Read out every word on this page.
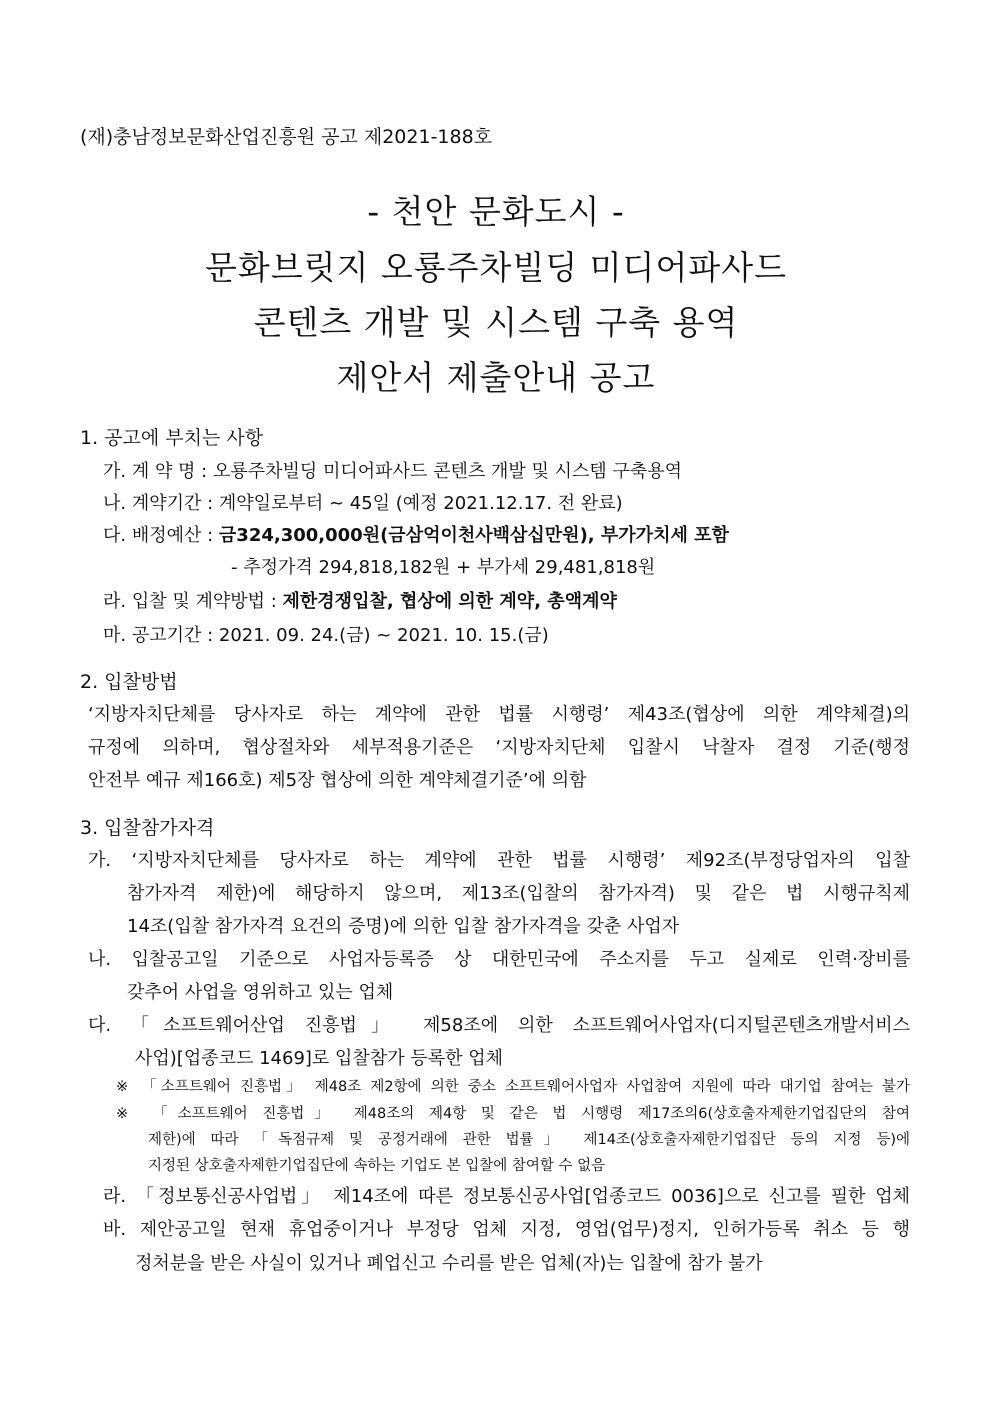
(재)충남정보문화산업진흥원 공고 제2021-188호
- 천안 문화도시 -
문화브릿지 오룡주차빌딩 미디어파사드
콘텐츠 개발 및 시스템 구축 용역
제안서 제출안내 공고
1. 공고에 부치는 사항
가. 계 약 명 : 오룡주차빌딩 미디어파사드 콘텐츠 개발 및 시스템 구축용역
나. 계약기간 : 계약일로부터 ~ 45일 (예정 2021.12.17. 전 완료)
다. 배정예산 : 금324,300,000원(금삼억이천사백삼십만원), 부가가치세 포함
- 추정가격 294,818,182원 + 부가세 29,481,818원
라. 입찰 및 계약방법 : 제한경쟁입찰, 협상에 의한 계약, 총액계약
마. 공고기간 : 2021. 09. 24.(금) ~ 2021. 10. 15.(금)
2. 입찰방법
‘지방자치단체를 당사자로 하는 계약에 관한 법률 시행령’ 제43조(협상에 의한 계약체결)의
규정에 의하며, 협상절차와 세부적용기준은 ‘지방자치단체 입찰시 낙찰자 결정 기준(행정
안전부 예규 제166호) 제5장 협상에 의한 계약체결기준’에 의함
3. 입찰참가자격
가. ‘지방자치단체를 당사자로 하는 계약에 관한 법률 시행령’ 제92조(부정당업자의 입찰
참가자격 제한)에 해당하지 않으며, 제13조(입찰의 참가자격) 및 같은 법 시행규칙제
14조(입찰 참가자격 요건의 증명)에 의한 입찰 참가자격을 갖춘 사업자
나. 입찰공고일 기준으로 사업자등록증 상 대한민국에 주소지를 두고 실제로 인력·장비를
갖추어 사업을 영위하고 있는 업체
다. 「소프트웨어산업 진흥법」 제58조에 의한 소프트웨어사업자(디지털콘텐츠개발서비스
사업)[업종코드 1469]로 입찰참가 등록한 업체
※ 「소프트웨어 진흥법」 제48조 제2항에 의한 중소 소프트웨어사업자 사업참여 지원에 따라 대기업 참여는 불가
※ 「소프트웨어 진흥법」 제48조의 제4항 및 같은 법 시행령 제17조의6(상호출자제한기업집단의 참여
제한)에 따라 「독점규제 및 공정거래에 관한 법률」 제14조(상호출자제한기업집단 등의 지정 등)에
지정된 상호출자제한기업집단에 속하는 기업도 본 입찰에 참여할 수 없음
라. 「정보통신공사업법」 제14조에 따른 정보통신공사업[업종코드 0036]으로 신고를 필한 업체
바. 제안공고일 현재 휴업중이거나 부정당 업체 지정, 영업(업무)정지, 인허가등록 취소 등 행
정처분을 받은 사실이 있거나 폐업신고 수리를 받은 업체(자)는 입찰에 참가 불가
